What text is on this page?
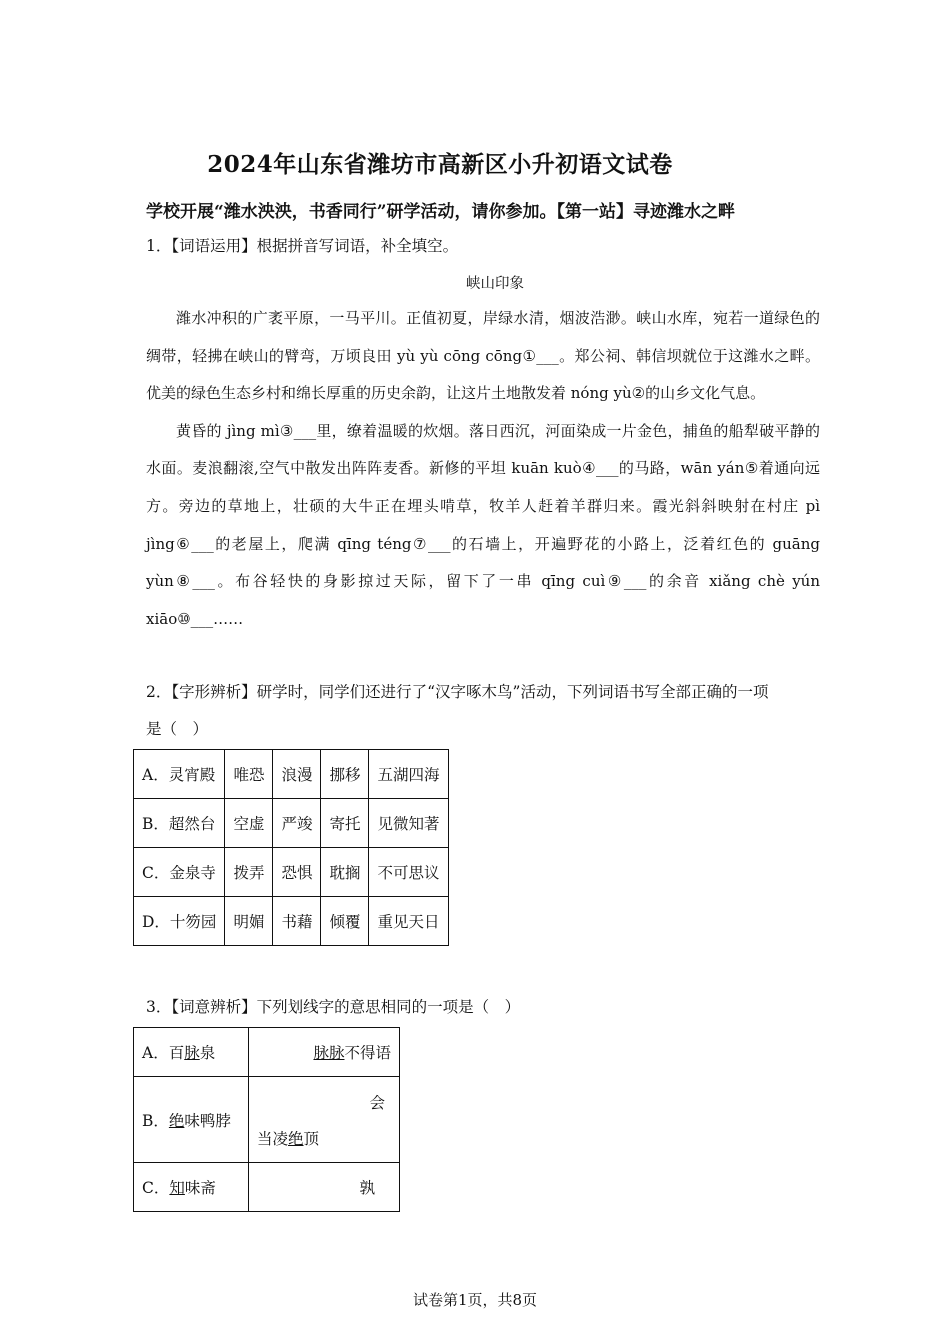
2024年山东省潍坊市高新区小升初语文试卷
学校开展“潍水泱泱，书香同行”研学活动，请你参加。【第一站】寻迹潍水之畔
1．【词语运用】根据拼音写词语，补全填空。
峡山印象

潍水冲积的广袤平原，一马平川。正值初夏，岸绿水清，烟波浩渺。峡山水库，宛若一道绿色的绸带，轻拂在峡山的臂弯，万顷良田 yù yù cōng cōng①___。郑公祠、韩信坝就位于这潍水之畔。优美的绿色生态乡村和绵长厚重的历史余韵，让这片土地散发着 nóng yù②的山乡文化气息。

黄昏的 jìng mì③___里，缭着温暖的炊烟。落日西沉，河面染成一片金色，捕鱼的船犁破平静的水面。麦浪翻滚,空气中散发出阵阵麦香。新修的平坦 kuān kuò④___的马路，wān yán⑤着通向远方。旁边的草地上，壮硕的大牛正在埋头啃草，牧羊人赶着羊群归来。霞光斜斜映射在村庄 pì jìng⑥___的老屋上，爬满 qīng téng⑦___的石墙上，开遍野花的小路上，泛着红色的 guāng yùn⑧___。布谷轻快的身影掠过天际，留下了一串 qīng cuì⑨___的余音 xiǎng chè yún xiāo⑩___……

2．【字形辨析】研学时，同学们还进行了“汉字啄木鸟”活动，下列词语书写全部正确的一项
是（　）
A．灵宵殿	唯恐	浪漫	挪移	五湖四海
B．超然台	空虚	严竣	寄托	见微知著
C．金泉寺	拨弄	恐惧	耽搁	不可思议
D．十笏园	明媚	书藉	倾覆	重见天日
3．【词意辨析】下列划线字的意思相同的一项是（　）
A．百脉泉	脉脉不得语
B．绝味鸭脖	会
当凌绝顶

C．知味斋	孰
试卷第1页，共8页
